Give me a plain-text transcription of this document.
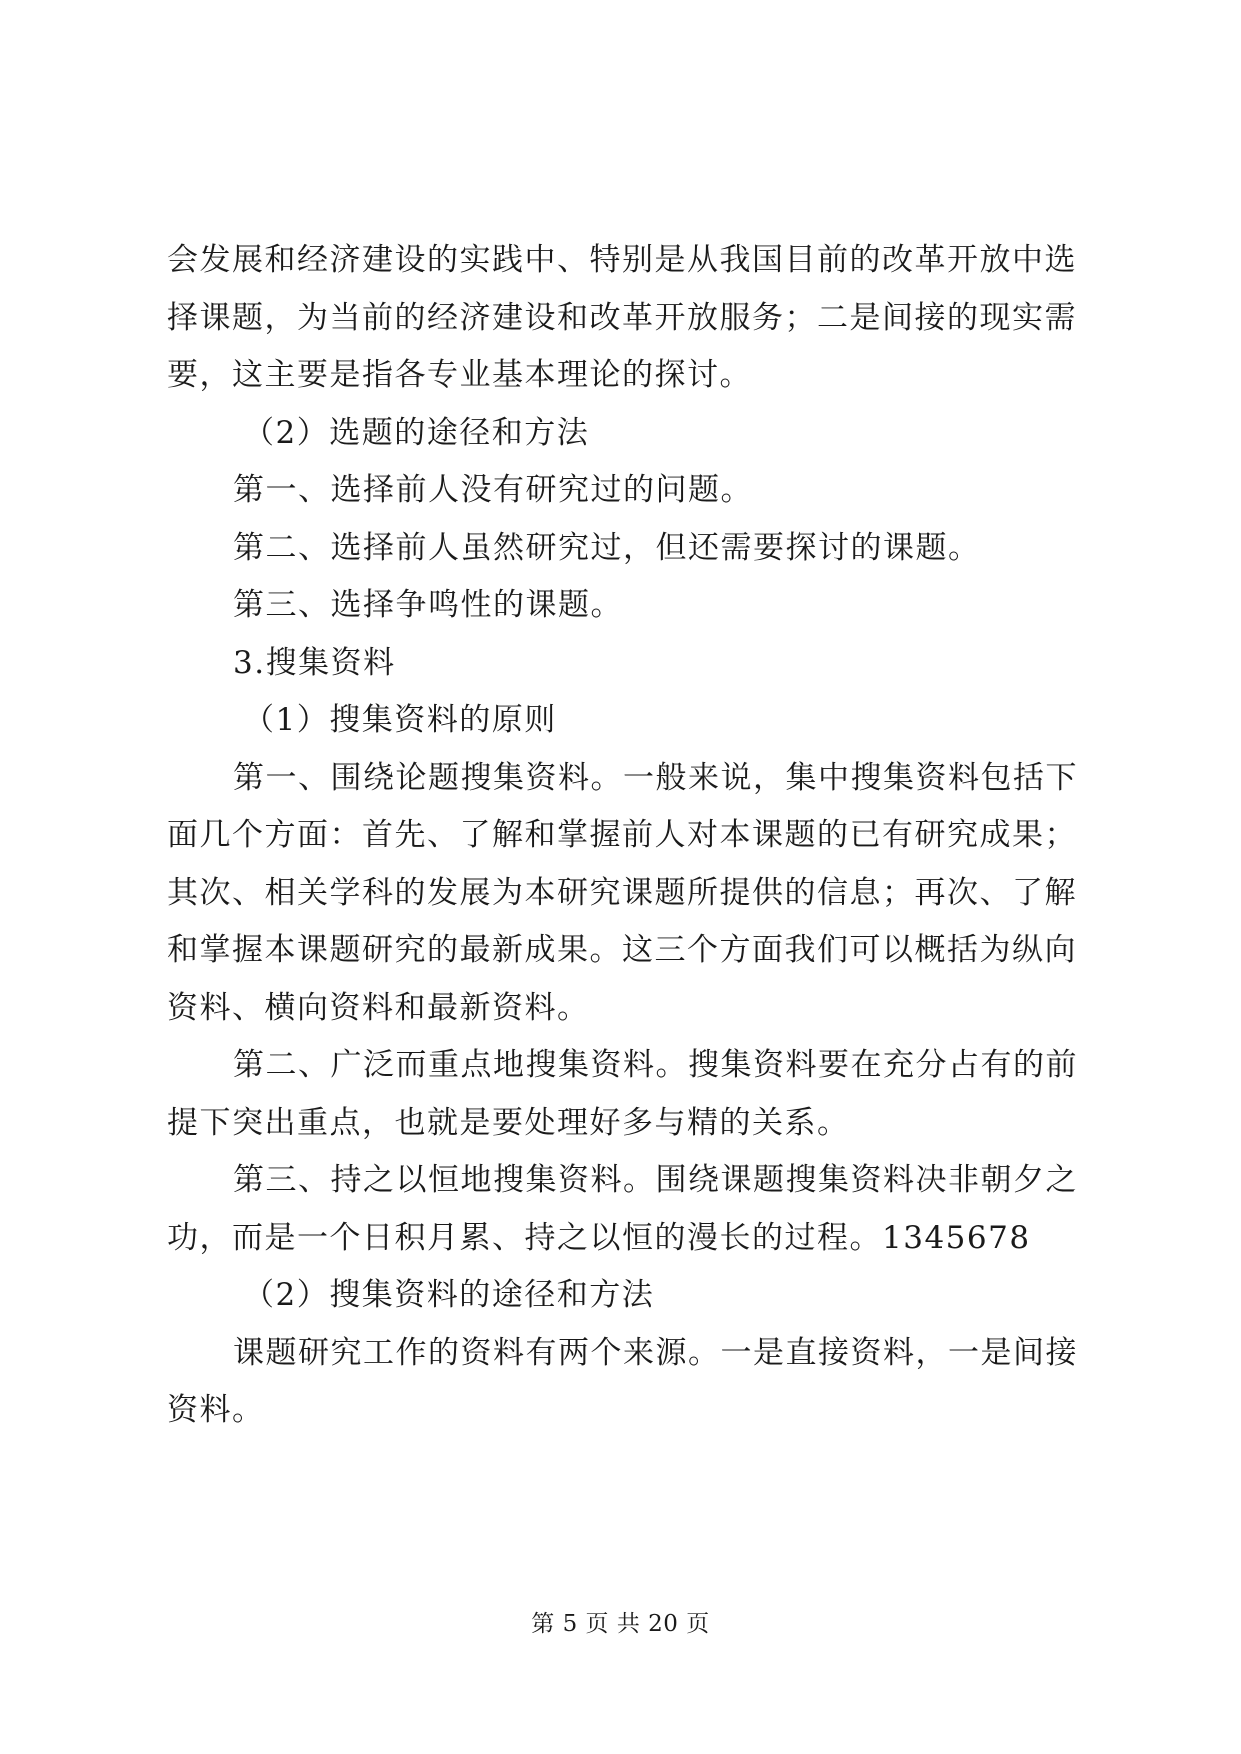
会发展和经济建设的实践中、特别是从我国目前的改革开放中选择课题，为当前的经济建设和改革开放服务；二是间接的现实需要，这主要是指各专业基本理论的探讨。

（2）选题的途径和方法

第一、选择前人没有研究过的问题。

第二、选择前人虽然研究过，但还需要探讨的课题。

第三、选择争鸣性的课题。

3.搜集资料

（1）搜集资料的原则

第一、围绕论题搜集资料。一般来说，集中搜集资料包括下面几个方面：首先、了解和掌握前人对本课题的已有研究成果；其次、相关学科的发展为本研究课题所提供的信息；再次、了解和掌握本课题研究的最新成果。这三个方面我们可以概括为纵向资料、横向资料和最新资料。

第二、广泛而重点地搜集资料。搜集资料要在充分占有的前提下突出重点，也就是要处理好多与精的关系。

第三、持之以恒地搜集资料。围绕课题搜集资料决非朝夕之功，而是一个日积月累、持之以恒的漫长的过程。1345678

（2）搜集资料的途径和方法

课题研究工作的资料有两个来源。一是直接资料，一是间接资料。

第 5 页 共 20 页
